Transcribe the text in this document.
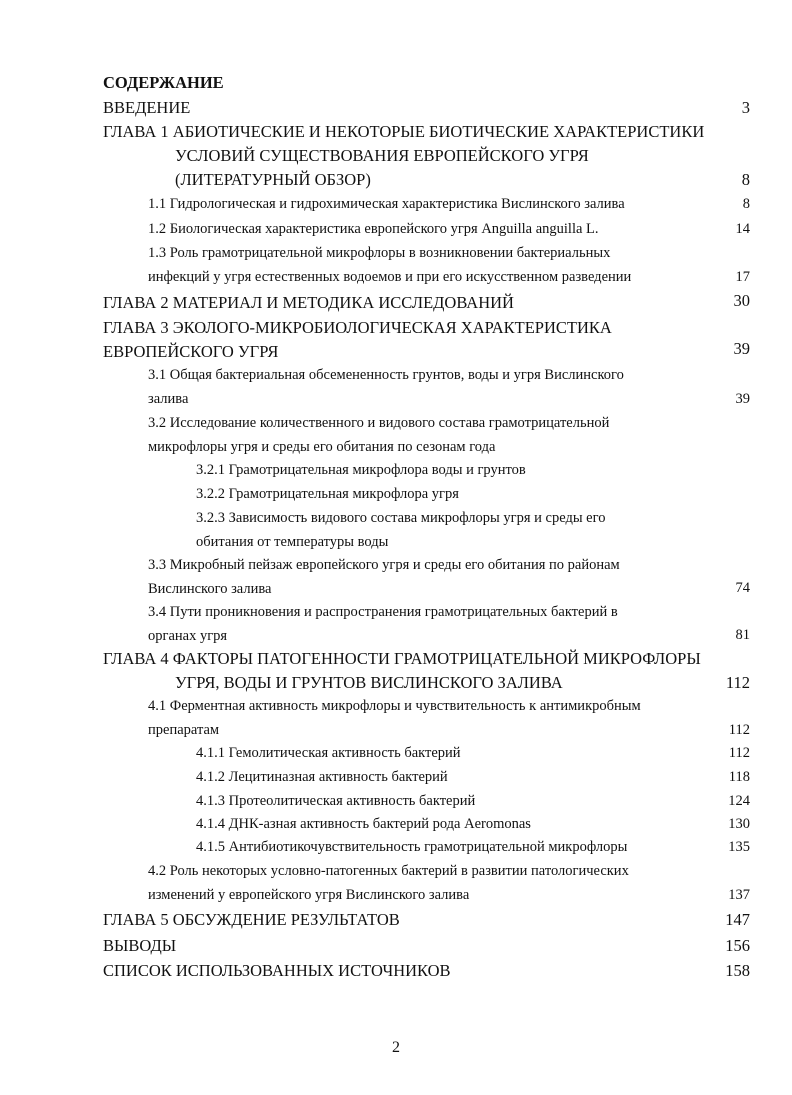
СОДЕРЖАНИЕ
ВВЕДЕНИЕ	3
ГЛАВА 1 АБИОТИЧЕСКИЕ И НЕКОТОРЫЕ БИОТИЧЕСКИЕ ХАРАКТЕРИСТИКИ
УСЛОВИЙ СУЩЕСТВОВАНИЯ ЕВРОПЕЙСКОГО УГРЯ
(ЛИТЕРАТУРНЫЙ ОБЗОР)	8
1.1 Гидрологическая и гидрохимическая характеристика Вислинского залива	8
1.2 Биологическая характеристика европейского угря Anguilla anguilla L.	14
1.3 Роль грамотрицательной микрофлоры в возникновении бактериальных
инфекций у угря естественных водоемов и при его искусственном разведении	17
ГЛАВА 2 МАТЕРИАЛ И МЕТОДИКА ИССЛЕДОВАНИЙ	30
ГЛАВА 3 ЭКОЛОГО-МИКРОБИОЛОГИЧЕСКАЯ ХАРАКТЕРИСТИКА
ЕВРОПЕЙСКОГО УГРЯ	39
3.1 Общая бактериальная обсемененность грунтов, воды и угря Вислинского
залива	39
3.2 Исследование количественного и видового состава грамотрицательной
микрофлоры угря и среды его обитания по сезонам года
3.2.1 Грамотрицательная микрофлора воды и грунтов
3.2.2 Грамотрицательная микрофлора угря
3.2.3 Зависимость видового состава микрофлоры угря и среды его
обитания от температуры воды
3.3 Микробный пейзаж европейского угря и среды его обитания по районам
Вислинского залива	74
3.4 Пути проникновения и распространения грамотрицательных бактерий в
органах угря	81
ГЛАВА 4 ФАКТОРЫ ПАТОГЕННОСТИ ГРАМОТРИЦАТЕЛЬНОЙ МИКРОФЛОРЫ
УГРЯ, ВОДЫ И ГРУНТОВ ВИСЛИНСКОГО ЗАЛИВА	112
4.1 Ферментная активность микрофлоры и чувствительность к антимикробным
препаратам	112
4.1.1 Гемолитическая активность бактерий	112
4.1.2 Лецитиназная активность бактерий	118
4.1.3 Протеолитическая активность бактерий	124
4.1.4 ДНК-азная активность бактерий рода Aeromonas	130
4.1.5 Антибиотикочувствительность грамотрицательной микрофлоры	135
4.2 Роль некоторых условно-патогенных бактерий в развитии патологических
изменений у европейского угря Вислинского залива	137
ГЛАВА 5 ОБСУЖДЕНИЕ РЕЗУЛЬТАТОВ	147
ВЫВОДЫ	156
СПИСОК ИСПОЛЬЗОВАННЫХ ИСТОЧНИКОВ	158
2
